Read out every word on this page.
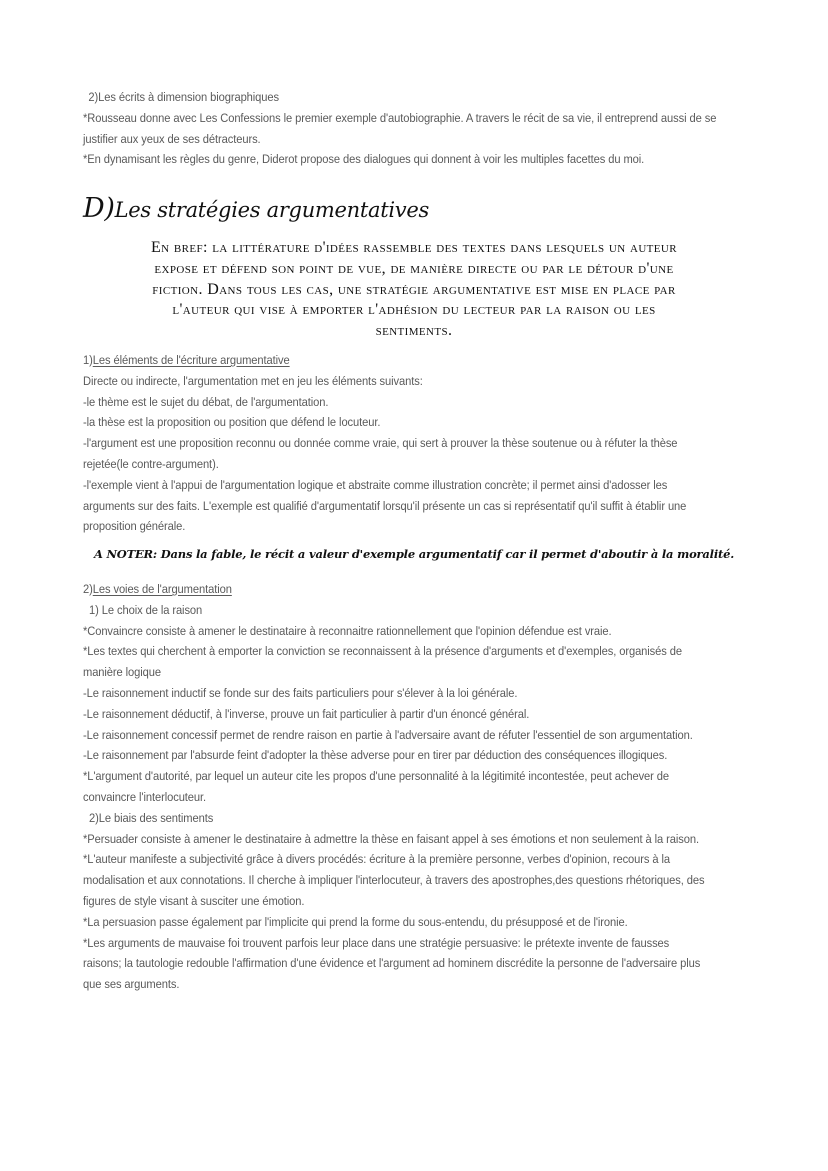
2)Les écrits à dimension biographiques
*Rousseau donne avec Les Confessions le premier exemple d'autobiographie. A travers le récit de sa vie, il entreprend aussi de se
justifier aux yeux de ses détracteurs.
*En dynamisant les règles du genre, Diderot propose des dialogues qui donnent à voir les multiples facettes du moi.
D)Les stratégies argumentatives
En bref: la littérature d'idées rassemble des textes dans lesquels un auteur
expose et défend son point de vue, de manière directe ou par le détour d'une
fiction. Dans tous les cas, une stratégie argumentative est mise en place par
l'auteur qui vise à emporter l'adhésion du lecteur par la raison ou les
sentiments.
1)Les éléments de l'écriture argumentative
Directe ou indirecte, l'argumentation met en jeu les éléments suivants:
-le thème est le sujet du débat, de l'argumentation.
-la thèse est la proposition ou position que défend le locuteur.
-l'argument est une proposition reconnu ou donnée comme vraie, qui sert à prouver la thèse soutenue ou à réfuter la thèse
rejetée(le contre-argument).
-l'exemple vient à l'appui de l'argumentation logique et abstraite comme illustration concrète; il permet ainsi d'adosser les
arguments sur des faits. L'exemple est qualifié d'argumentatif lorsqu'il présente un cas si représentatif qu'il suffit à établir une
proposition générale.
A NOTER: Dans la fable, le récit a valeur d'exemple argumentatif car il permet d'aboutir à la moralité.
2)Les voies de l'argumentation
1) Le choix de la raison
*Convaincre consiste à amener le destinataire à reconnaitre rationnellement que l'opinion défendue est vraie.
*Les textes qui cherchent à emporter la conviction se reconnaissent à la présence d'arguments et d'exemples, organisés de
manière logique
-Le raisonnement inductif se fonde sur des faits particuliers pour s'élever à la loi générale.
-Le raisonnement déductif, à l'inverse, prouve un fait particulier à partir d'un énoncé général.
-Le raisonnement concessif permet de rendre raison en partie à l'adversaire avant de réfuter l'essentiel de son argumentation.
-Le raisonnement par l'absurde feint d'adopter la thèse adverse pour en tirer par déduction des conséquences illogiques.
*L'argument d'autorité, par lequel un auteur cite les propos d'une personnalité à la légitimité incontestée, peut achever de
convaincre l'interlocuteur.
2)Le biais des sentiments
*Persuader consiste à amener le destinataire à admettre la thèse en faisant appel à ses émotions et non seulement à la raison.
*L'auteur manifeste a subjectivité grâce à divers procédés: écriture à la première personne, verbes d'opinion, recours à la
modalisation et aux connotations. Il cherche à impliquer l'interlocuteur, à travers des apostrophes,des questions rhétoriques, des
figures de style visant à susciter une émotion.
*La persuasion passe également par l'implicite qui prend la forme du sous-entendu, du présupposé et de l'ironie.
*Les arguments de mauvaise foi trouvent parfois leur place dans une stratégie persuasive: le prétexte invente de fausses
raisons; la tautologie redouble l'affirmation d'une évidence et l'argument ad hominem discrédite la personne de l'adversaire plus
que ses arguments.
